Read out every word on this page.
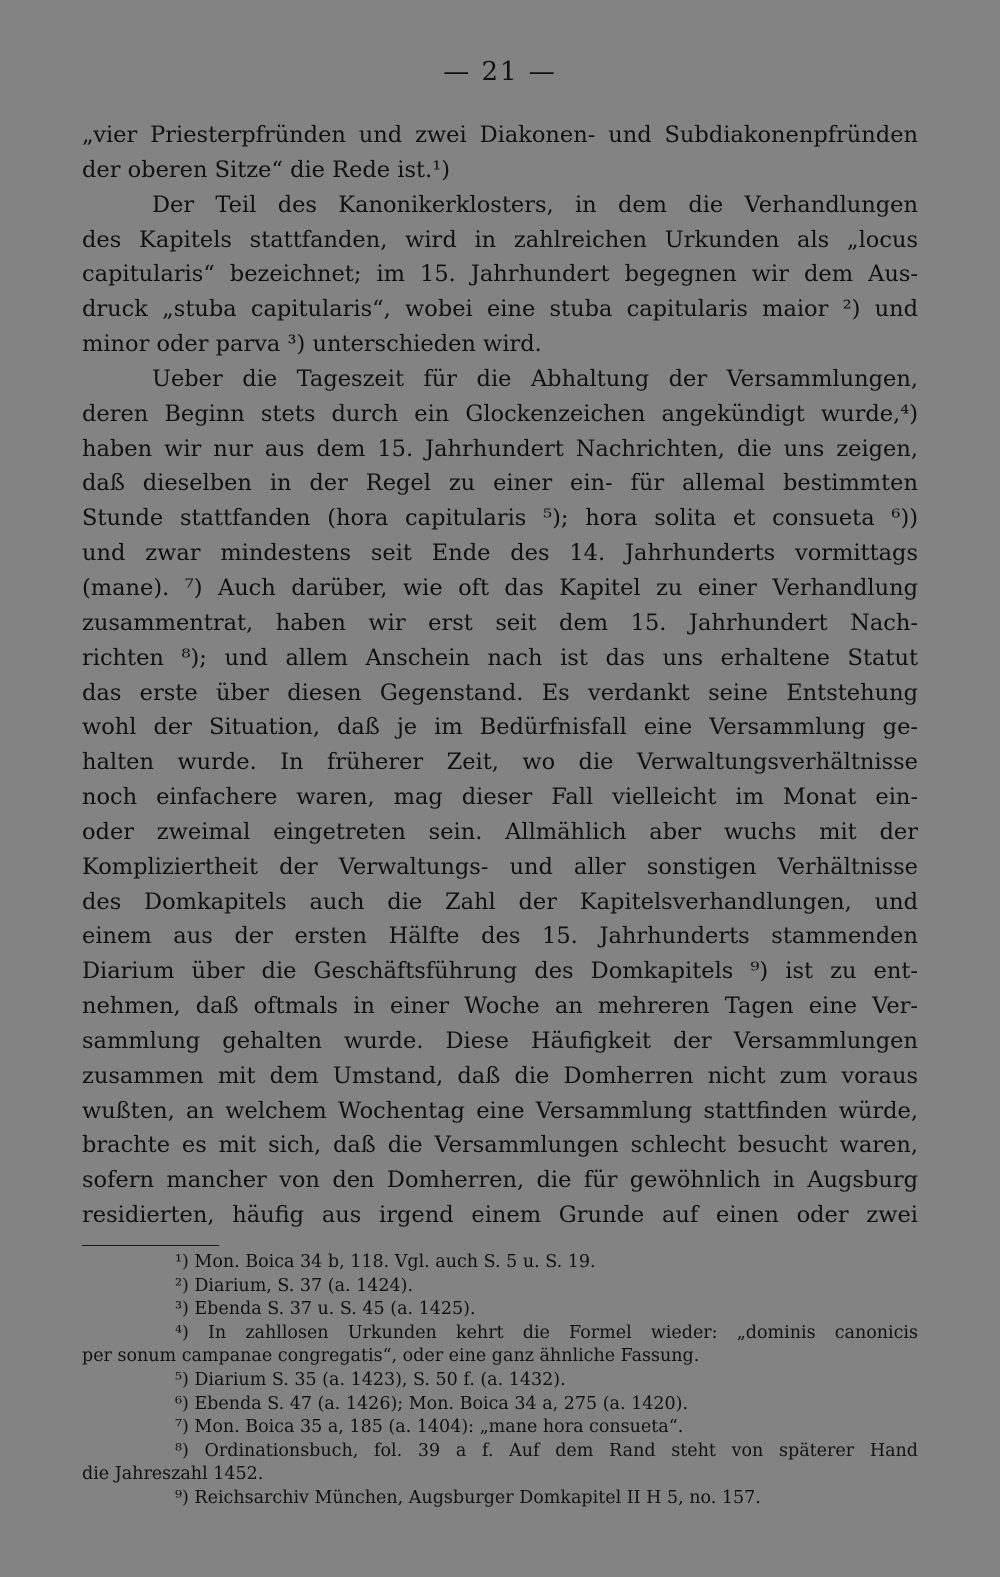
— 21 —
„vier Priesterpfründen und zwei Diakonen- und Subdiakonenpfründen
der oberen Sitze“ die Rede ist.¹)
Der Teil des Kanonikerklosters, in dem die Verhandlungen
des Kapitels stattfanden, wird in zahlreichen Urkunden als „locus
capitularis“ bezeichnet; im 15. Jahrhundert begegnen wir dem Aus-
druck „stuba capitularis“, wobei eine stuba capitularis maior ²) und
minor oder parva ³) unterschieden wird.
Ueber die Tageszeit für die Abhaltung der Versammlungen,
deren Beginn stets durch ein Glockenzeichen angekündigt wurde,⁴)
haben wir nur aus dem 15. Jahrhundert Nachrichten, die uns zeigen,
daß dieselben in der Regel zu einer ein- für allemal bestimmten
Stunde stattfanden (hora capitularis ⁵); hora solita et consueta ⁶))
und zwar mindestens seit Ende des 14. Jahrhunderts vormittags
(mane). ⁷) Auch darüber, wie oft das Kapitel zu einer Verhandlung
zusammentrat, haben wir erst seit dem 15. Jahrhundert Nach-
richten ⁸); und allem Anschein nach ist das uns erhaltene Statut
das erste über diesen Gegenstand. Es verdankt seine Entstehung
wohl der Situation, daß je im Bedürfnisfall eine Versammlung ge-
halten wurde. In früherer Zeit, wo die Verwaltungsverhältnisse
noch einfachere waren, mag dieser Fall vielleicht im Monat ein-
oder zweimal eingetreten sein. Allmählich aber wuchs mit der
Kompliziertheit der Verwaltungs- und aller sonstigen Verhältnisse
des Domkapitels auch die Zahl der Kapitelsverhandlungen, und
einem aus der ersten Hälfte des 15. Jahrhunderts stammenden
Diarium über die Geschäftsführung des Domkapitels ⁹) ist zu ent-
nehmen, daß oftmals in einer Woche an mehreren Tagen eine Ver-
sammlung gehalten wurde. Diese Häufigkeit der Versammlungen
zusammen mit dem Umstand, daß die Domherren nicht zum voraus
wußten, an welchem Wochentag eine Versammlung stattfinden würde,
brachte es mit sich, daß die Versammlungen schlecht besucht waren,
sofern mancher von den Domherren, die für gewöhnlich in Augsburg
residierten, häufig aus irgend einem Grunde auf einen oder zwei
¹) Mon. Boica 34 b, 118. Vgl. auch S. 5 u. S. 19.
²) Diarium, S. 37 (a. 1424).
³) Ebenda S. 37 u. S. 45 (a. 1425).
⁴) In zahllosen Urkunden kehrt die Formel wieder: „dominis canonicis
per sonum campanae congregatis“, oder eine ganz ähnliche Fassung.
⁵) Diarium S. 35 (a. 1423), S. 50 f. (a. 1432).
⁶) Ebenda S. 47 (a. 1426); Mon. Boica 34 a, 275 (a. 1420).
⁷) Mon. Boica 35 a, 185 (a. 1404): „mane hora consueta“.
⁸) Ordinationsbuch, fol. 39 a f. Auf dem Rand steht von späterer Hand
die Jahreszahl 1452.
⁹) Reichsarchiv München, Augsburger Domkapitel II H 5, no. 157.
